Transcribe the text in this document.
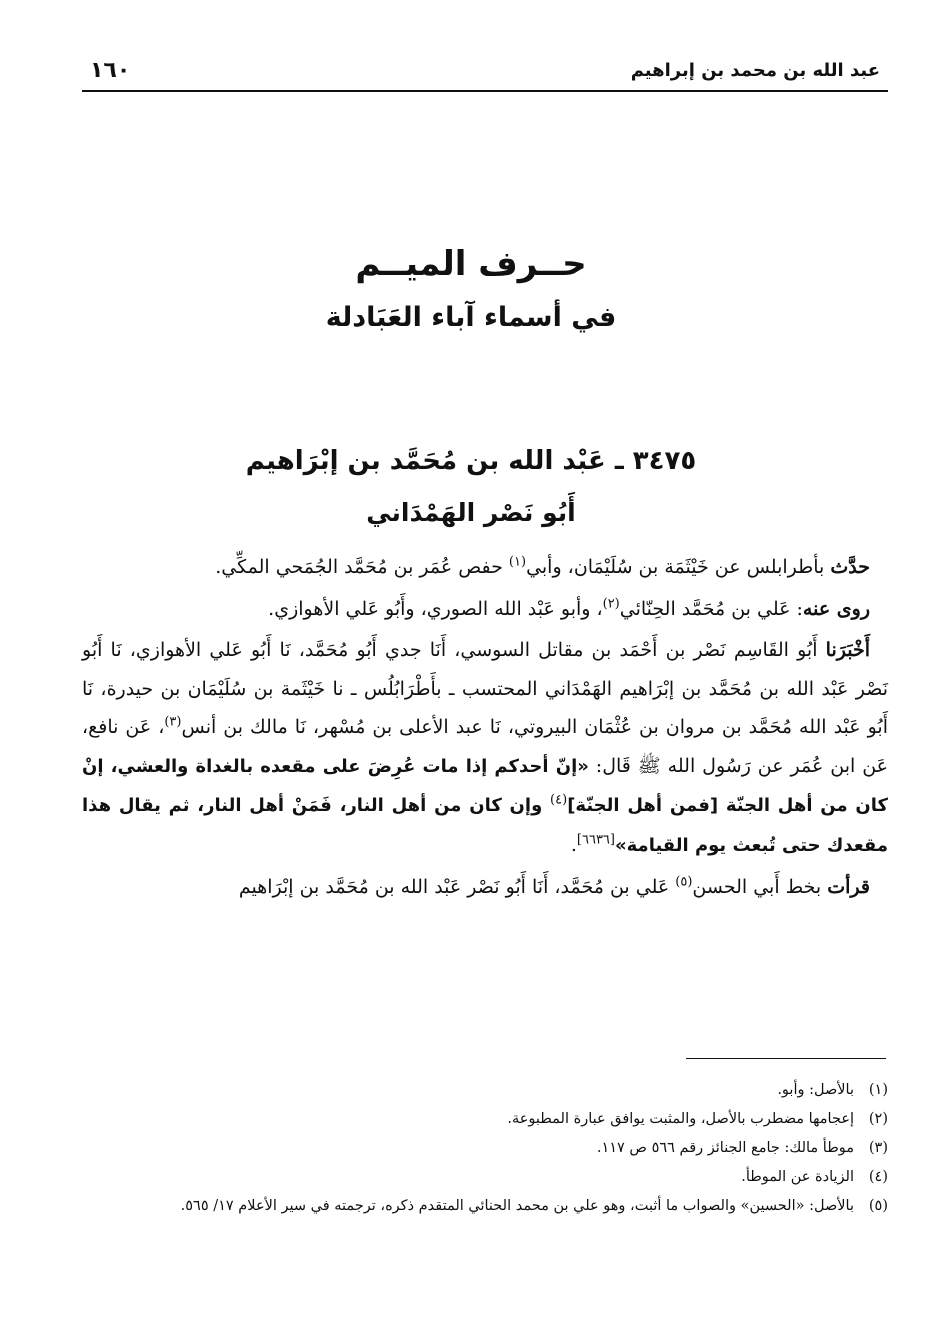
عبد الله بن محمد بن إبراهيم
١٦٠
حــرف الميــم
في أسماء آباء العَبَادلة
٣٤٧٥ ـ عَبْد الله بن مُحَمَّد بن إبْرَاهيم
أَبُو نَصْر الهَمْدَاني

حدَّث بأطرابلس عن خَيْثَمَة بن سُلَيْمَان، وأبي$^{(١)}$ حفص عُمَر بن مُحَمَّد الجُمَحي المكِّي.

روى عنه: عَلي بن مُحَمَّد الحِنّائي$^{(٢)}$، وأبو عَبْد الله الصوري، وأَبُو عَلي الأهوازي.

أَخْبَرَنا أَبُو القَاسِم نَصْر بن أَحْمَد بن مقاتل السوسي، أَنَا جدي أَبُو مُحَمَّد، نَا أَبُو عَلي الأهوازي، نَا أَبُو نَصْر عَبْد الله بن مُحَمَّد بن إبْرَاهيم الهَمْدَاني المحتسب ـ بأَطْرَابُلُس ـ نا خَيْثَمة بن سُلَيْمَان بن حيدرة، نَا أَبُو عَبْد الله مُحَمَّد بن مروان بن عُثْمَان البيروتي، نَا عبد الأعلى بن مُسْهر، نَا مالك بن أنس$^{(٣)}$، عَن نافع، عَن ابن عُمَر عن رَسُول الله ﷺ قَال: «إنّ أحدكم إذا مات عُرِضَ على مقعده بالغداة والعشي، إنْ كان من أهل الجنّة [فمن أهل الجنّة]$^{(٤)}$ وإن كان من أهل النار، فَمَنْ أهل النار، ثم يقال هذا مقعدك حتى تُبعث يوم القيامة»[٦٦٣٦].

قرأت بخط أَبي الحسن$^{(٥)}$ عَلي بن مُحَمَّد، أَنَا أَبُو نَصْر عَبْد الله بن مُحَمَّد بن إبْرَاهيم

(١)
بالأصل: وأبو.
(٢)
إعجامها مضطرب بالأصل، والمثبت يوافق عبارة المطبوعة.
(٣)
موطأ مالك: جامع الجنائز رقم ٥٦٦ ص ١١٧.
(٤)
الزيادة عن الموطأ.
(٥)
بالأصل: «الحسين» والصواب ما أثبت، وهو علي بن محمد الحنائي المتقدم ذكره، ترجمته في سير الأعلام ١٧/ ٥٦٥.
